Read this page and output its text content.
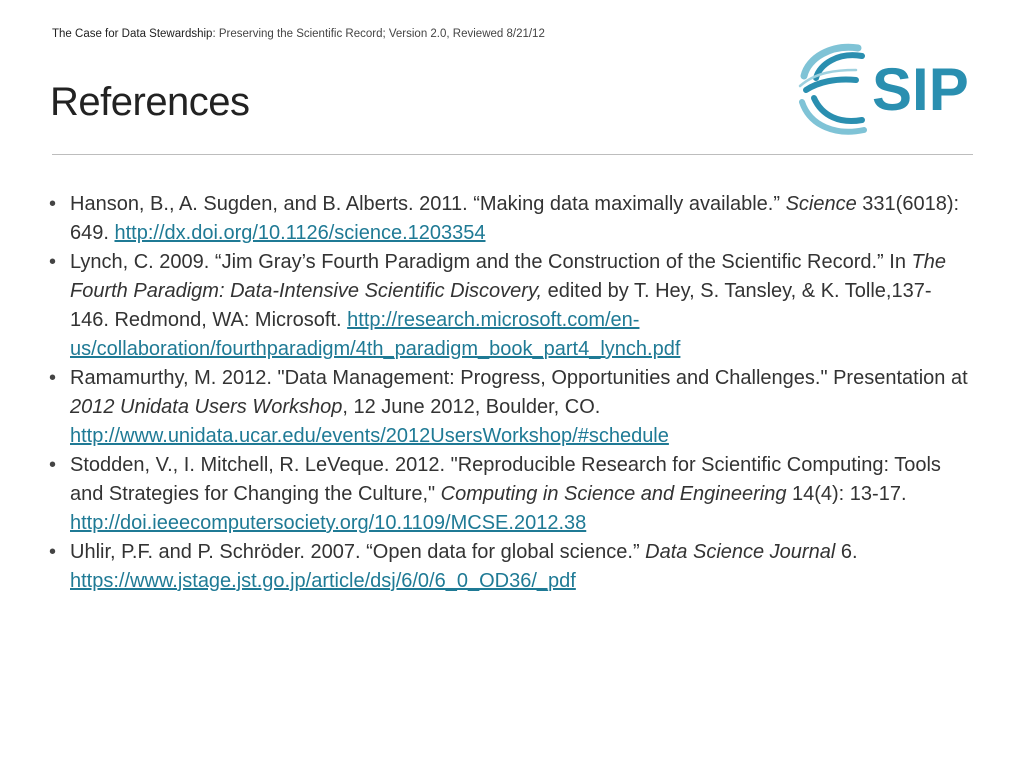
The Case for Data Stewardship: Preserving the Scientific Record; Version 2.0, Reviewed 8/21/12
References	SIP
• Hanson, B., A. Sugden, and B. Alberts. 2011. “Making data maximally available.” Science 331(6018): 649. http://dx.doi.org/10.1126/science.1203354
• Lynch, C. 2009. “Jim Gray’s Fourth Paradigm and the Construction of the Scientific Record.” In The Fourth Paradigm: Data-Intensive Scientific Discovery, edited by T. Hey, S. Tansley, & K. Tolle,137-146. Redmond, WA: Microsoft. http://research.microsoft.com/en-us/collaboration/fourthparadigm/4th_paradigm_book_part4_lynch.pdf
• Ramamurthy, M. 2012. "Data Management: Progress, Opportunities and Challenges." Presentation at 2012 Unidata Users Workshop, 12 June 2012, Boulder, CO. http://www.unidata.ucar.edu/events/2012UsersWorkshop/#schedule
• Stodden, V., I. Mitchell, R. LeVeque. 2012. "Reproducible Research for Scientific Computing: Tools and Strategies for Changing the Culture," Computing in Science and Engineering 14(4): 13-17. http://doi.ieeecomputersociety.org/10.1109/MCSE.2012.38
• Uhlir, P.F. and P. Schröder. 2007. “Open data for global science.” Data Science Journal 6. https://www.jstage.jst.go.jp/article/dsj/6/0/6_0_OD36/_pdf
